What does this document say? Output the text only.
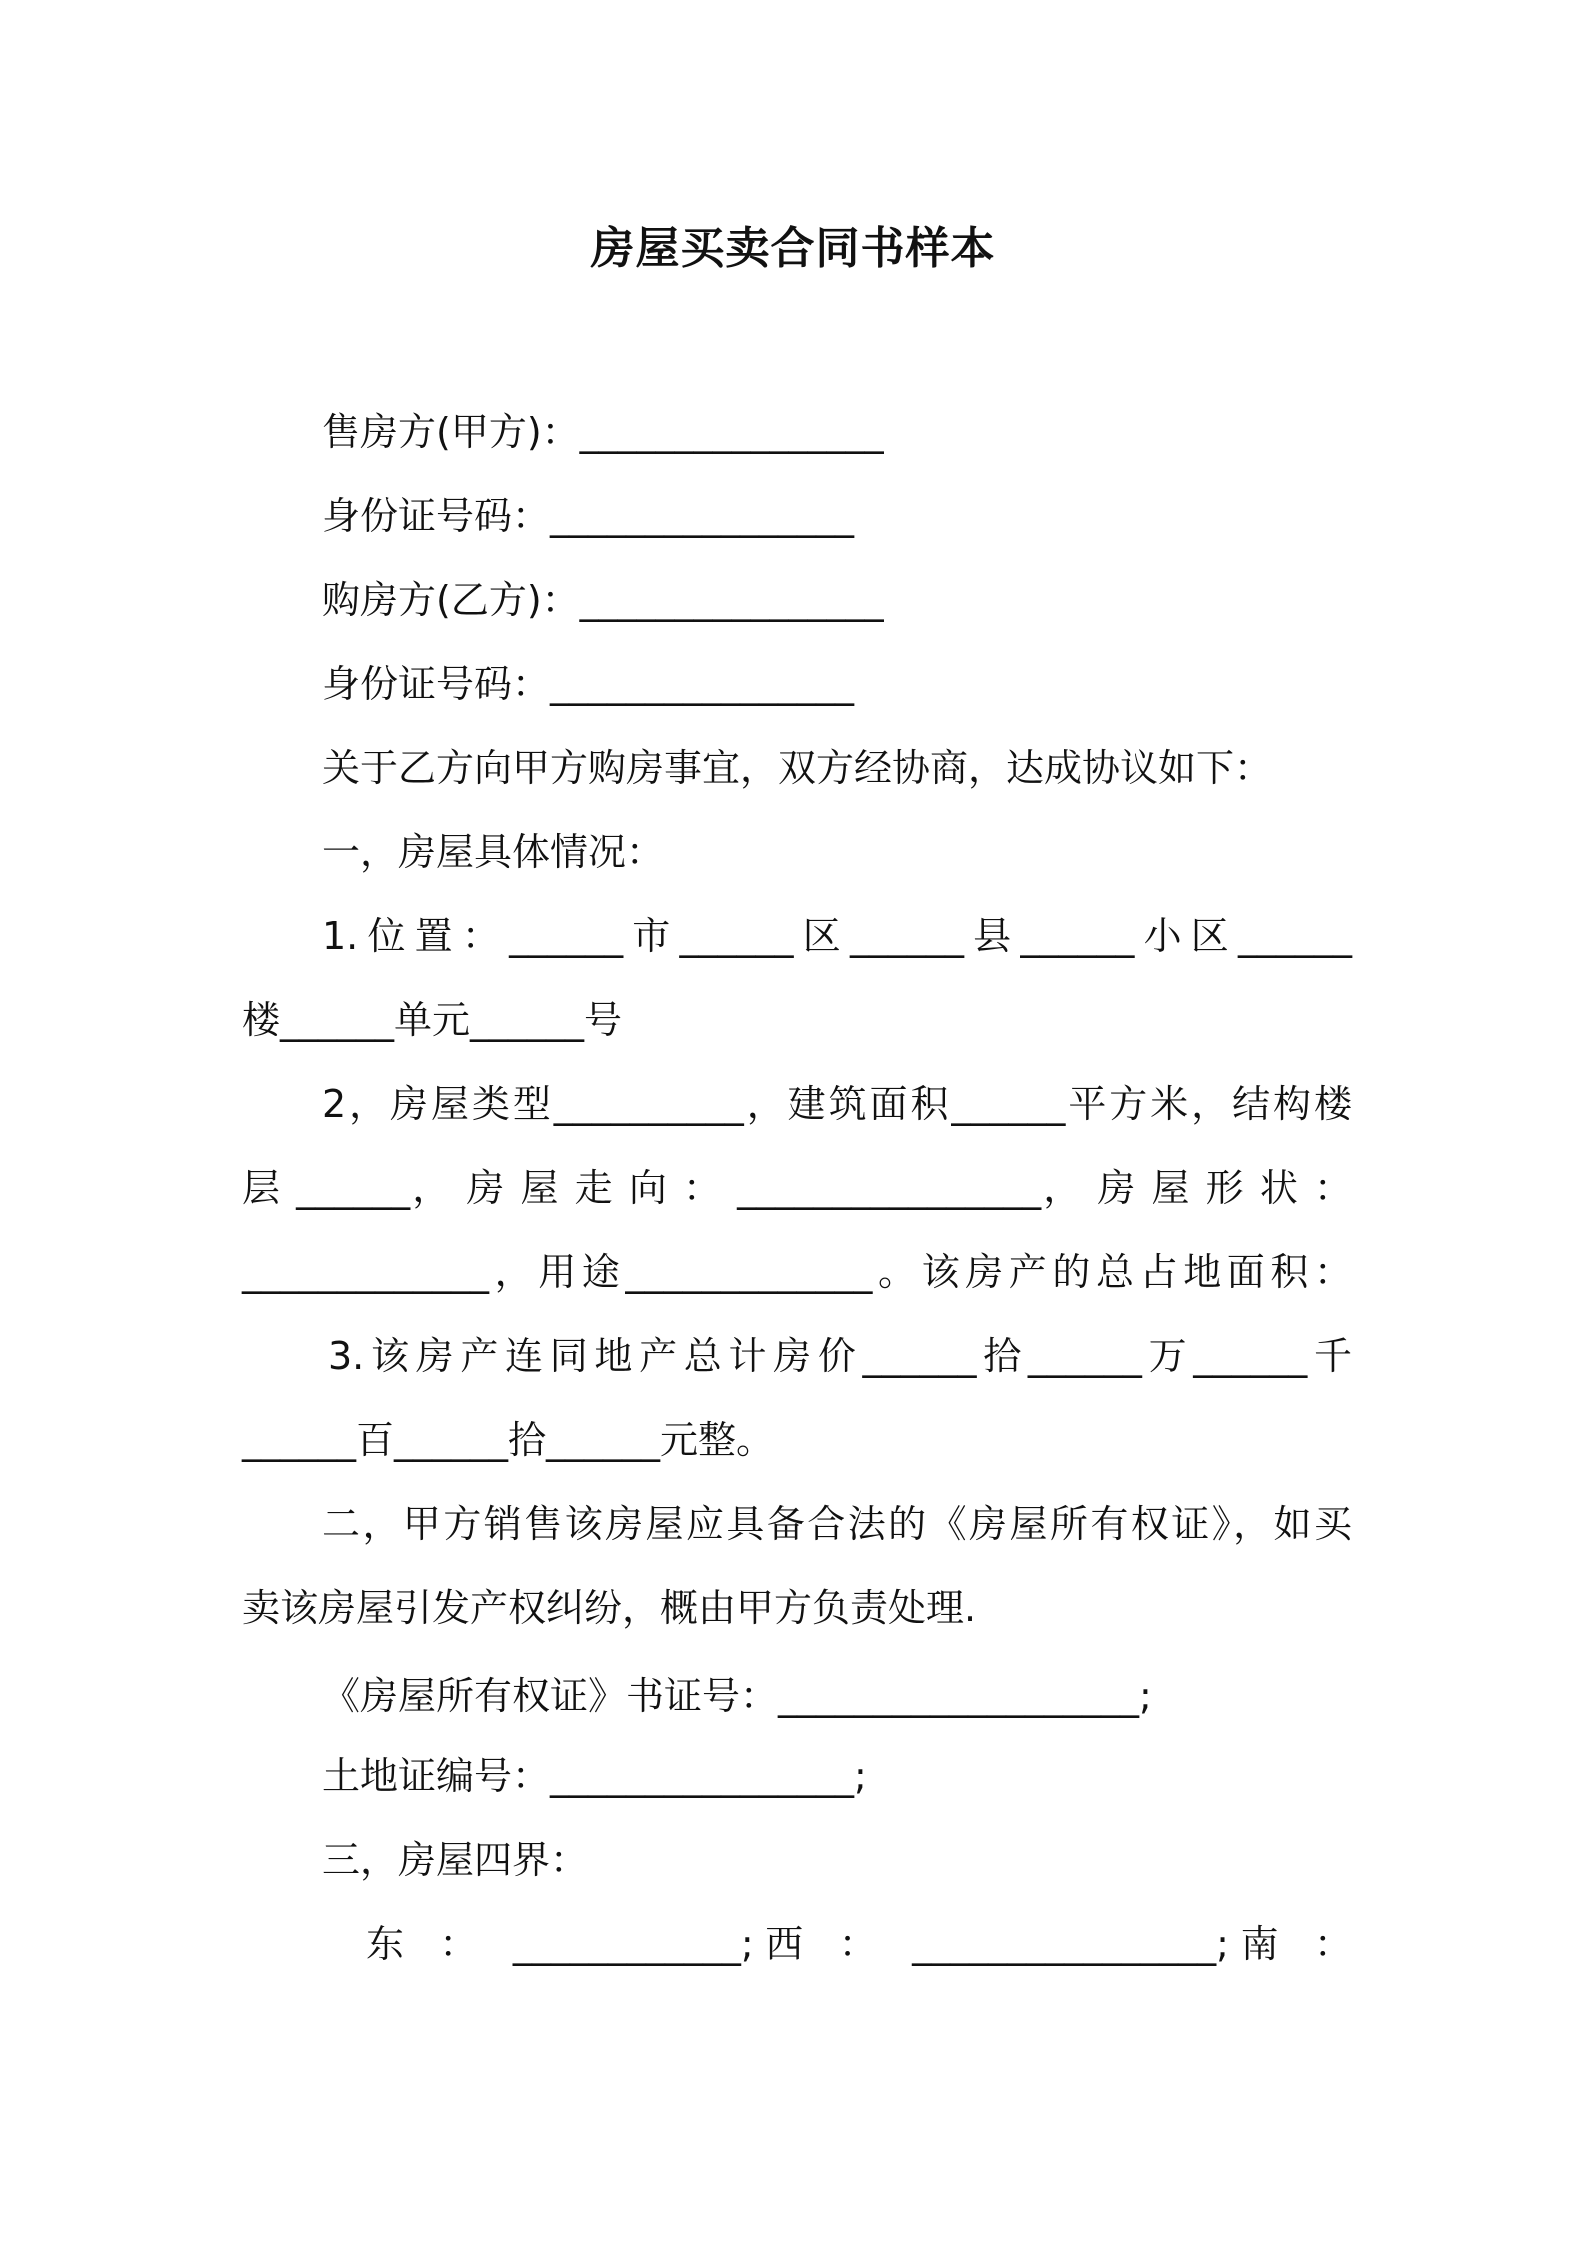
房屋买卖合同书样本

售房方(甲方)：________________

身份证号码：________________

购房方(乙方)：________________

身份证号码：________________

关于乙方向甲方购房事宜，双方经协商，达成协议如下：

一，房屋具体情况：

1.位置：______市______区______县______小区______

楼______单元______号

2，房屋类型__________，建筑面积______平方米，结构楼

层 ______， 房 屋 走 向 ： ________________， 房 屋 形 状 ：

_____________，用途_____________。该房产的总占地面积：

3.该房产连同地产总计房价______拾______万______千

______百______拾______元整。

二，甲方销售该房屋应具备合法的《房屋所有权证》，如买

卖该房屋引发产权纠纷，概由甲方负责处理.

《房屋所有权证》书证号：___________________;

土地证编号：________________;

三，房屋四界：

东 ： ____________;西 ： ________________;南 ：
